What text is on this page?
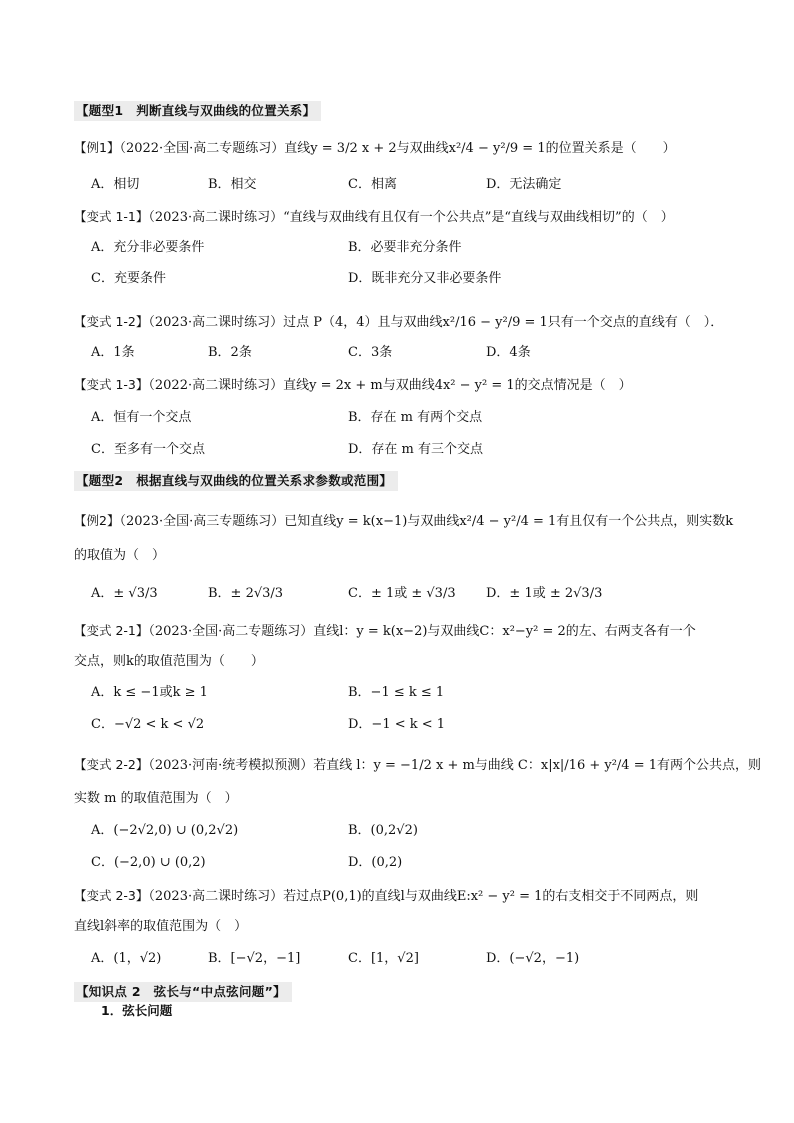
【题型1　判断直线与双曲线的位置关系】
【例1】（2022·全国·高二专题练习）直线y = 3/2 x + 2与双曲线x²/4 − y²/9 = 1的位置关系是（　　）
A．相切	B．相交	C．相离	D．无法确定
【变式 1-1】（2023·高二课时练习）“直线与双曲线有且仅有一个公共点”是“直线与双曲线相切”的（　）
A．充分非必要条件	B．必要非充分条件
C．充要条件	D．既非充分又非必要条件
【变式 1-2】（2023·高二课时练习）过点 P（4，4）且与双曲线x²/16 − y²/9 = 1只有一个交点的直线有（　）．
A．1条	B．2条	C．3条	D．4条
【变式 1-3】（2022·高二课时练习）直线y = 2x + m与双曲线4x² − y² = 1的交点情况是（　）
A．恒有一个交点	B．存在 m 有两个交点
C．至多有一个交点	D．存在 m 有三个交点
【题型2　根据直线与双曲线的位置关系求参数或范围】
【例2】（2023·全国·高三专题练习）已知直线y = k(x−1)与双曲线x²/4 − y²/4 = 1有且仅有一个公共点，则实数k
的取值为（　）
A．± √3/3	B．± 2√3/3	C．± 1或 ± √3/3 D．± 1或 ± 2√3/3
【变式 2-1】（2023·全国·高二专题练习）直线l：y = k(x−2)与双曲线C：x²−y² = 2的左、右两支各有一个
交点，则k的取值范围为（　　）
A．k ≤ −1或k ≥ 1	B．−1 ≤ k ≤ 1
C．−√2 < k < √2	D．−1 < k < 1
【变式 2-2】（2023·河南·统考模拟预测）若直线 l：y = −1/2 x + m与曲线 C：x|x|/16 + y²/4 = 1有两个公共点，则
实数 m 的取值范围为（　）
A．(−2√2,0) ∪ (0,2√2)	B．(0,2√2)
C．(−2,0) ∪ (0,2)	D．(0,2)
【变式 2-3】（2023·高二课时练习）若过点P(0,1)的直线l与双曲线E:x² − y² = 1的右支相交于不同两点，则
直线l斜率的取值范围为（　）
A．(1，√2)	B．[−√2，−1]	C．[1，√2]	D．(−√2，−1)
【知识点 2　弦长与“中点弦问题”】
1．弦长问题
